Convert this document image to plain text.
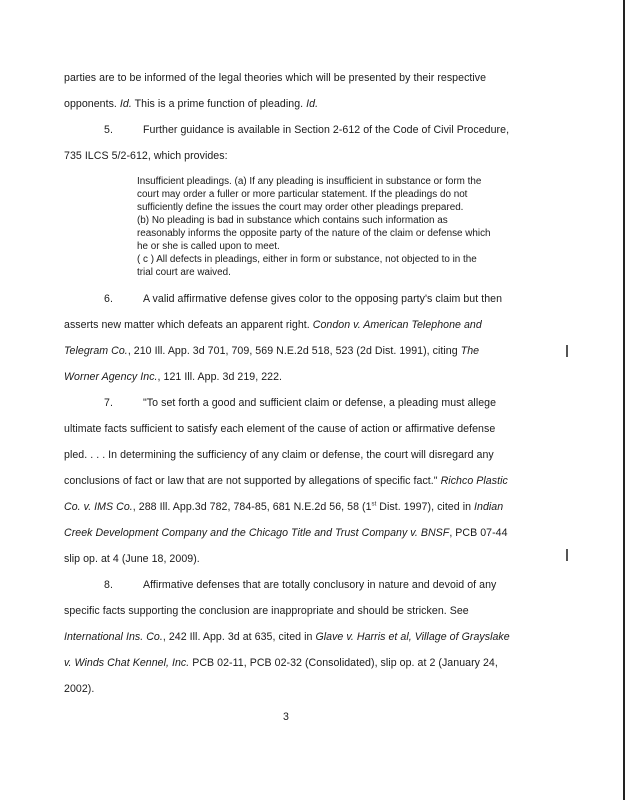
parties are to be informed of the legal theories which will be presented by their respective
opponents. Id. This is a prime function of pleading. Id.
5.	Further guidance is available in Section 2-612 of the Code of Civil Procedure,
735 ILCS 5/2-612, which provides:
Insufficient pleadings. (a) If any pleading is insufficient in substance or form the
court may order a fuller or more particular statement. If the pleadings do not
sufficiently define the issues the court may order other pleadings prepared.
(b) No pleading is bad in substance which contains such information as
reasonably informs the opposite party of the nature of the claim or defense which
he or she is called upon to meet.
( c ) All defects in pleadings, either in form or substance, not objected to in the
trial court are waived.
6.	A valid affirmative defense gives color to the opposing party's claim but then
asserts new matter which defeats an apparent right. Condon v. American Telephone and
Telegram Co., 210 Ill. App. 3d 701, 709, 569 N.E.2d 518, 523 (2d Dist. 1991), citing The
Worner Agency Inc., 121 Ill. App. 3d 219, 222.
7.	"To set forth a good and sufficient claim or defense, a pleading must allege
ultimate facts sufficient to satisfy each element of the cause of action or affirmative defense
pled. . . . In determining the sufficiency of any claim or defense, the court will disregard any
conclusions of fact or law that are not supported by allegations of specific fact." Richco Plastic
Co. v. IMS Co., 288 Ill. App.3d 782, 784-85, 681 N.E.2d 56, 58 (1st Dist. 1997), cited in Indian
Creek Development Company and the Chicago Title and Trust Company v. BNSF, PCB 07-44
slip op. at 4 (June 18, 2009).
8.	Affirmative defenses that are totally conclusory in nature and devoid of any
specific facts supporting the conclusion are inappropriate and should be stricken. See
International Ins. Co., 242 Ill. App. 3d at 635, cited in Glave v. Harris et al, Village of Grayslake
v. Winds Chat Kennel, Inc. PCB 02-11, PCB 02-32 (Consolidated), slip op. at 2 (January 24,
2002).
3
